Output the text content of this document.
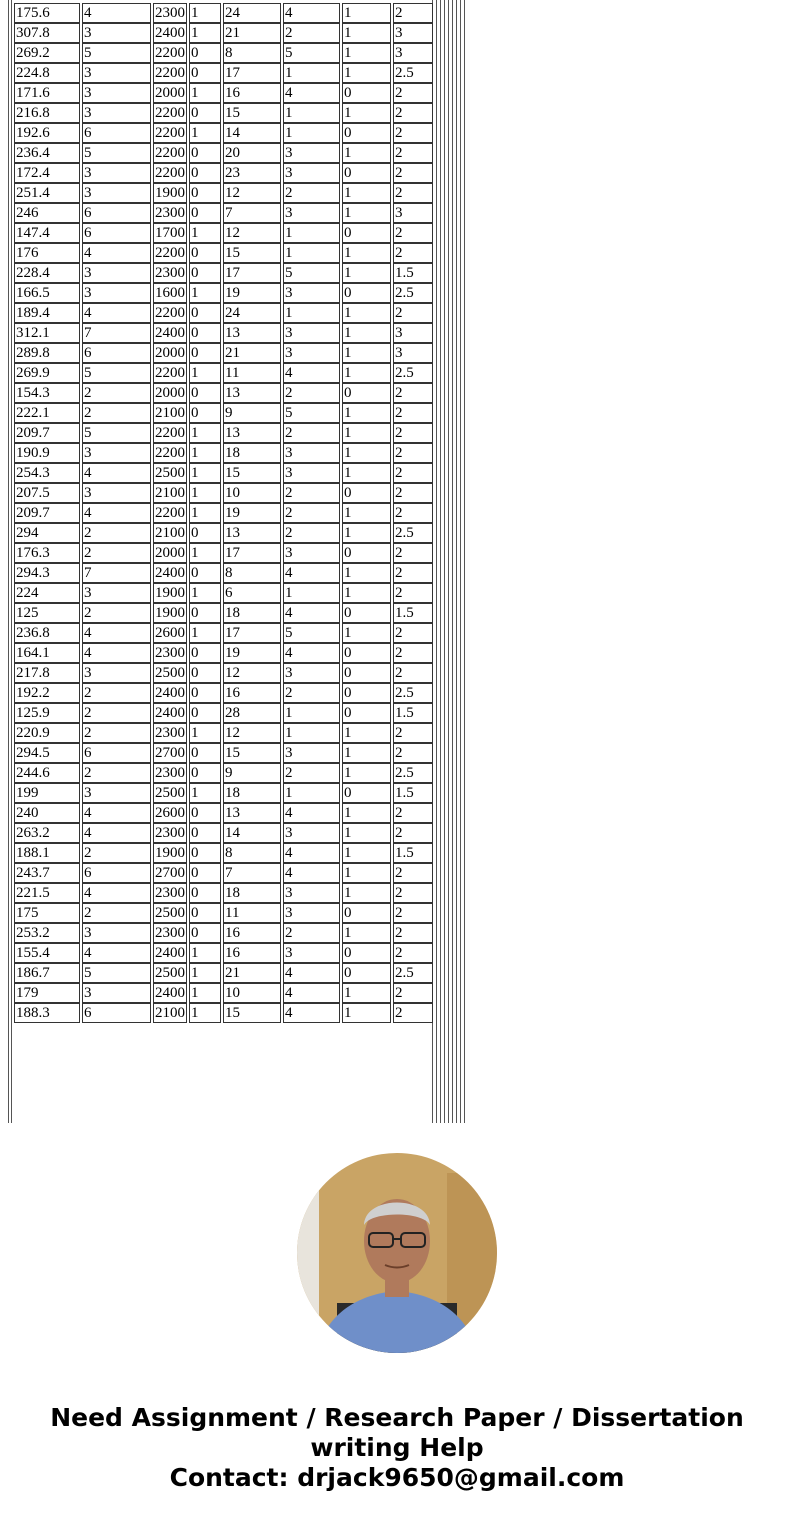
175.6	4	2300	1	24	4	1	2
307.8	3	2400	1	21	2	1	3
269.2	5	2200	0	8	5	1	3
224.8	3	2200	0	17	1	1	2.5
171.6	3	2000	1	16	4	0	2
216.8	3	2200	0	15	1	1	2
192.6	6	2200	1	14	1	0	2
236.4	5	2200	0	20	3	1	2
172.4	3	2200	0	23	3	0	2
251.4	3	1900	0	12	2	1	2
246	6	2300	0	7	3	1	3
147.4	6	1700	1	12	1	0	2
176	4	2200	0	15	1	1	2
228.4	3	2300	0	17	5	1	1.5
166.5	3	1600	1	19	3	0	2.5
189.4	4	2200	0	24	1	1	2
312.1	7	2400	0	13	3	1	3
289.8	6	2000	0	21	3	1	3
269.9	5	2200	1	11	4	1	2.5
154.3	2	2000	0	13	2	0	2
222.1	2	2100	0	9	5	1	2
209.7	5	2200	1	13	2	1	2
190.9	3	2200	1	18	3	1	2
254.3	4	2500	1	15	3	1	2
207.5	3	2100	1	10	2	0	2
209.7	4	2200	1	19	2	1	2
294	2	2100	0	13	2	1	2.5
176.3	2	2000	1	17	3	0	2
294.3	7	2400	0	8	4	1	2
224	3	1900	1	6	1	1	2
125	2	1900	0	18	4	0	1.5
236.8	4	2600	1	17	5	1	2
164.1	4	2300	0	19	4	0	2
217.8	3	2500	0	12	3	0	2
192.2	2	2400	0	16	2	0	2.5
125.9	2	2400	0	28	1	0	1.5
220.9	2	2300	1	12	1	1	2
294.5	6	2700	0	15	3	1	2
244.6	2	2300	0	9	2	1	2.5
199	3	2500	1	18	1	0	1.5
240	4	2600	0	13	4	1	2
263.2	4	2300	0	14	3	1	2
188.1	2	1900	0	8	4	1	1.5
243.7	6	2700	0	7	4	1	2
221.5	4	2300	0	18	3	1	2
175	2	2500	0	11	3	0	2
253.2	3	2300	0	16	2	1	2
155.4	4	2400	1	16	3	0	2
186.7	5	2500	1	21	4	0	2.5
179	3	2400	1	10	4	1	2
188.3	6	2100	1	15	4	1	2
Need Assignment / Research Paper / Dissertation
writing Help
Contact: drjack9650@gmail.com
